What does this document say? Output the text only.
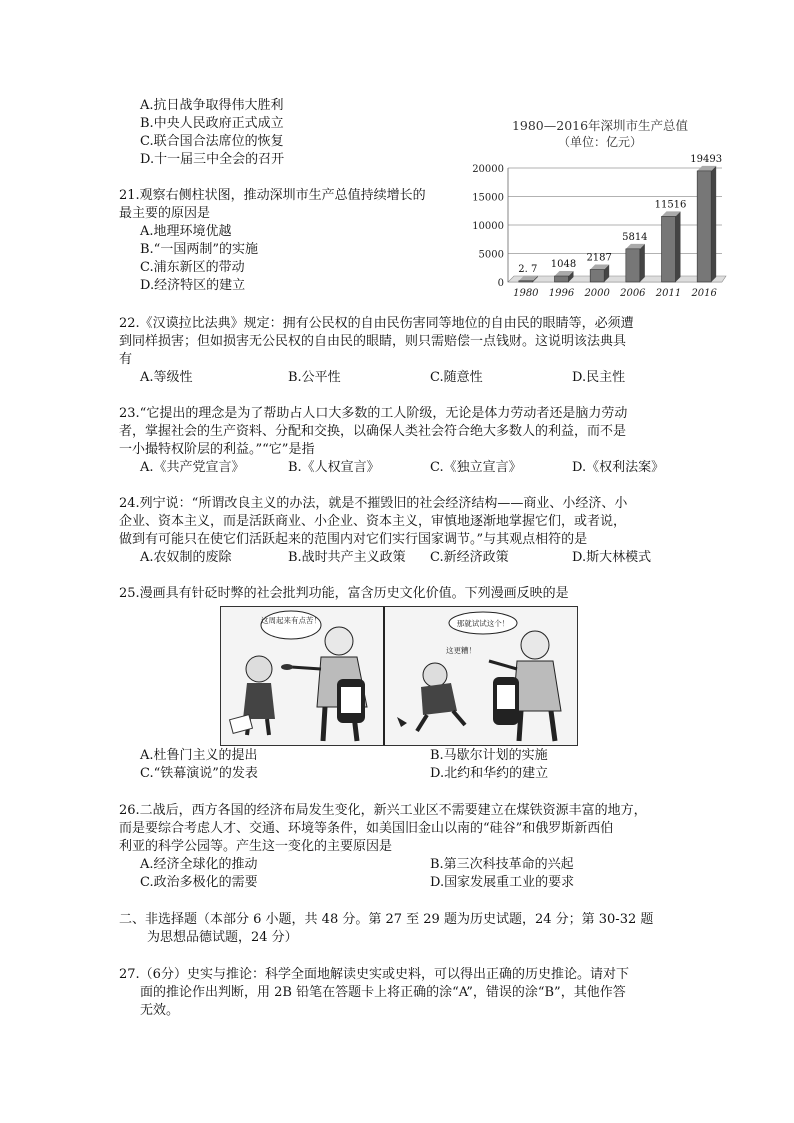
A.抗日战争取得伟大胜利
B.中央人民政府正式成立
C.联合国合法席位的恢复
D.十一届三中全会的召开
21.观察右侧柱状图，推动深圳市生产总值持续增长的
最主要的原因是
A.地理环境优越
B.“一国两制”的实施
C.浦东新区的带动
D.经济特区的建立
1980—2016年深圳市生产总值
（单位：亿元）
0
5000
10000
15000
20000
2. 7
1980
1048
1996
2187
2000
5814
2006
11516
2011
19493
2016
22.《汉谟拉比法典》规定：拥有公民权的自由民伤害同等地位的自由民的眼睛等，必须遭
到同样损害；但如损害无公民权的自由民的眼睛，则只需赔偿一点钱财。这说明该法典具
有
A.等级性	B.公平性	C.随意性	D.民主性
23.“它提出的理念是为了帮助占人口大多数的工人阶级，无论是体力劳动者还是脑力劳动
者，掌握社会的生产资料、分配和交换，以确保人类社会符合绝大多数人的利益，而不是
一小撮特权阶层的利益。”“它”是指
A.《共产党宣言》	B.《人权宣言》	C.《独立宣言》	D.《权利法案》
24.列宁说：“所谓改良主义的办法，就是不摧毁旧的社会经济结构——商业、小经济、小
企业、资本主义，而是活跃商业、小企业、资本主义，审慎地逐渐地掌握它们，或者说，
做到有可能只在使它们活跃起来的范围内对它们实行国家调节。”与其观点相符的是
A.农奴制的废除	B.战时共产主义政策 C.新经济政策	D.斯大林模式
25.漫画具有针砭时弊的社会批判功能，富含历史文化价值。下列漫画反映的是
这周起来有点苦！	那就试试这个！
这更糟！
A.杜鲁门主义的提出	B.马歇尔计划的实施
C.“铁幕演说”的发表	D.北约和华约的建立
26.二战后，西方各国的经济布局发生变化，新兴工业区不需要建立在煤铁资源丰富的地方，
而是要综合考虑人才、交通、环境等条件，如美国旧金山以南的“硅谷”和俄罗斯新西伯
利亚的科学公园等。产生这一变化的主要原因是
A.经济全球化的推动	B.第三次科技革命的兴起
C.政治多极化的需要	D.国家发展重工业的要求
二、非选择题（本部分 6 小题，共 48 分。第 27 至 29 题为历史试题，24 分；第 30-32 题
为思想品德试题，24 分）
27.（6分）史实与推论：科学全面地解读史实或史料，可以得出正确的历史推论。请对下
面的推论作出判断，用 2B 铅笔在答题卡上将正确的涂“A”，错误的涂“B”，其他作答
无效。
